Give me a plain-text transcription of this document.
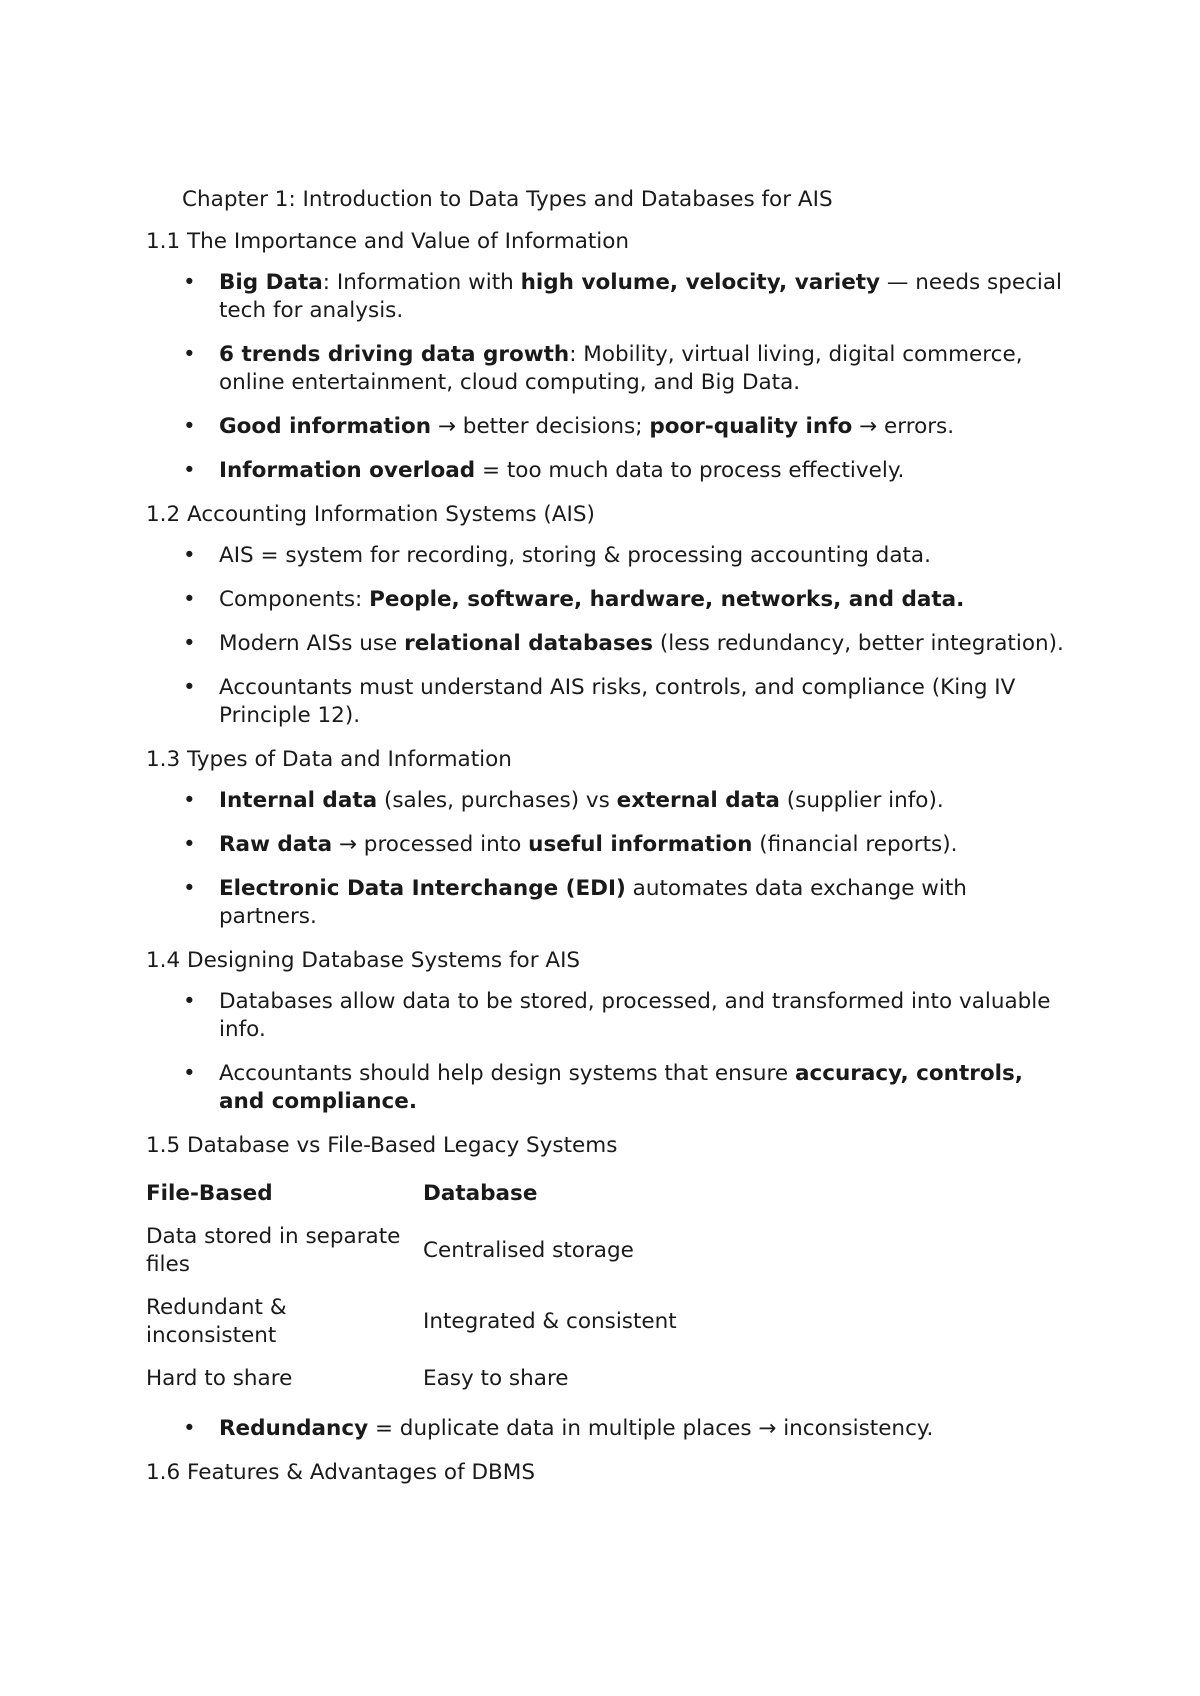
Chapter 1: Introduction to Data Types and Databases for AIS
1.1 The Importance and Value of Information
• Big Data: Information with high volume, velocity, variety — needs special tech for analysis.
• 6 trends driving data growth: Mobility, virtual living, digital commerce, online entertainment, cloud computing, and Big Data.
• Good information → better decisions; poor-quality info → errors.
• Information overload = too much data to process effectively.
1.2 Accounting Information Systems (AIS)
• AIS = system for recording, storing & processing accounting data.
• Components: People, software, hardware, networks, and data.
• Modern AISs use relational databases (less redundancy, better integration).
• Accountants must understand AIS risks, controls, and compliance (King IV Principle 12).
1.3 Types of Data and Information
• Internal data (sales, purchases) vs external data (supplier info).
• Raw data → processed into useful information (financial reports).
• Electronic Data Interchange (EDI) automates data exchange with partners.
1.4 Designing Database Systems for AIS
• Databases allow data to be stored, processed, and transformed into valuable info.
• Accountants should help design systems that ensure accuracy, controls, and compliance.
1.5 Database vs File-Based Legacy Systems
File-Based	Database
Data stored in separate files	Centralised storage
Redundant & inconsistent	Integrated & consistent
Hard to share	Easy to share
• Redundancy = duplicate data in multiple places → inconsistency.
1.6 Features & Advantages of DBMS
